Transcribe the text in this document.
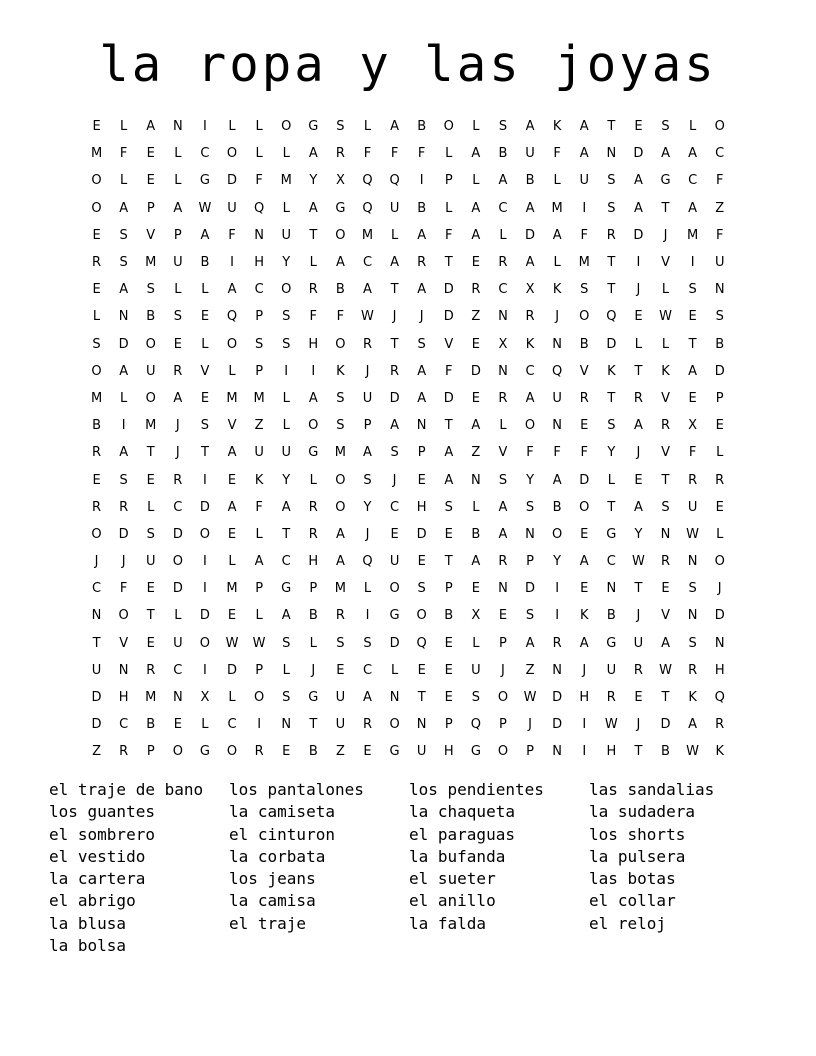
la ropa y las joyas
E	L	A	N	I	L	L	O	G	S	L	A	B	O	L	S	A	K	A	T	E	S	L	O
M	F	E	L	C	O	L	L	A	R	F	F	F	L	A	B	U	F	A	N	D	A	A	C
O	L	E	L	G	D	F	M	Y	X	Q	Q	I	P	L	A	B	L	U	S	A	G	C	F
O	A	P	A	W	U	Q	L	A	G	Q	U	B	L	A	C	A	M	I	S	A	T	A	Z
E	S	V	P	A	F	N	U	T	O	M	L	A	F	A	L	D	A	F	R	D	J	M	F
R	S	M	U	B	I	H	Y	L	A	C	A	R	T	E	R	A	L	M	T	I	V	I	U
E	A	S	L	L	A	C	O	R	B	A	T	A	D	R	C	X	K	S	T	J	L	S	N
L	N	B	S	E	Q	P	S	F	F	W	J	J	D	Z	N	R	J	O	Q	E	W	E	S
S	D	O	E	L	O	S	S	H	O	R	T	S	V	E	X	K	N	B	D	L	L	T	B
O	A	U	R	V	L	P	I	I	K	J	R	A	F	D	N	C	Q	V	K	T	K	A	D
M	L	O	A	E	M	M	L	A	S	U	D	A	D	E	R	A	U	R	T	R	V	E	P
B	I	M	J	S	V	Z	L	O	S	P	A	N	T	A	L	O	N	E	S	A	R	X	E
R	A	T	J	T	A	U	U	G	M	A	S	P	A	Z	V	F	F	F	Y	J	V	F	L
E	S	E	R	I	E	K	Y	L	O	S	J	E	A	N	S	Y	A	D	L	E	T	R	R
R	R	L	C	D	A	F	A	R	O	Y	C	H	S	L	A	S	B	O	T	A	S	U	E
O	D	S	D	O	E	L	T	R	A	J	E	D	E	B	A	N	O	E	G	Y	N	W	L
J	J	U	O	I	L	A	C	H	A	Q	U	E	T	A	R	P	Y	A	C	W	R	N	O
C	F	E	D	I	M	P	G	P	M	L	O	S	P	E	N	D	I	E	N	T	E	S	J
N	O	T	L	D	E	L	A	B	R	I	G	O	B	X	E	S	I	K	B	J	V	N	D
T	V	E	U	O	W	W	S	L	S	S	D	Q	E	L	P	A	R	A	G	U	A	S	N
U	N	R	C	I	D	P	L	J	E	C	L	E	E	U	J	Z	N	J	U	R	W	R	H
D	H	M	N	X	L	O	S	G	U	A	N	T	E	S	O	W	D	H	R	E	T	K	Q
D	C	B	E	L	C	I	N	T	U	R	O	N	P	Q	P	J	D	I	W	J	D	A	R
Z	R	P	O	G	O	R	E	B	Z	E	G	U	H	G	O	P	N	I	H	T	B	W	K
el traje de bano	los pantalones	los pendientes	las sandalias
los guantes	la camiseta	la chaqueta	la sudadera
el sombrero	el cinturon	el paraguas	los shorts
el vestido	la corbata	la bufanda	la pulsera
la cartera	los jeans	el sueter	las botas
el abrigo	la camisa	el anillo	el collar
la blusa	el traje	la falda	el reloj
la bolsa
